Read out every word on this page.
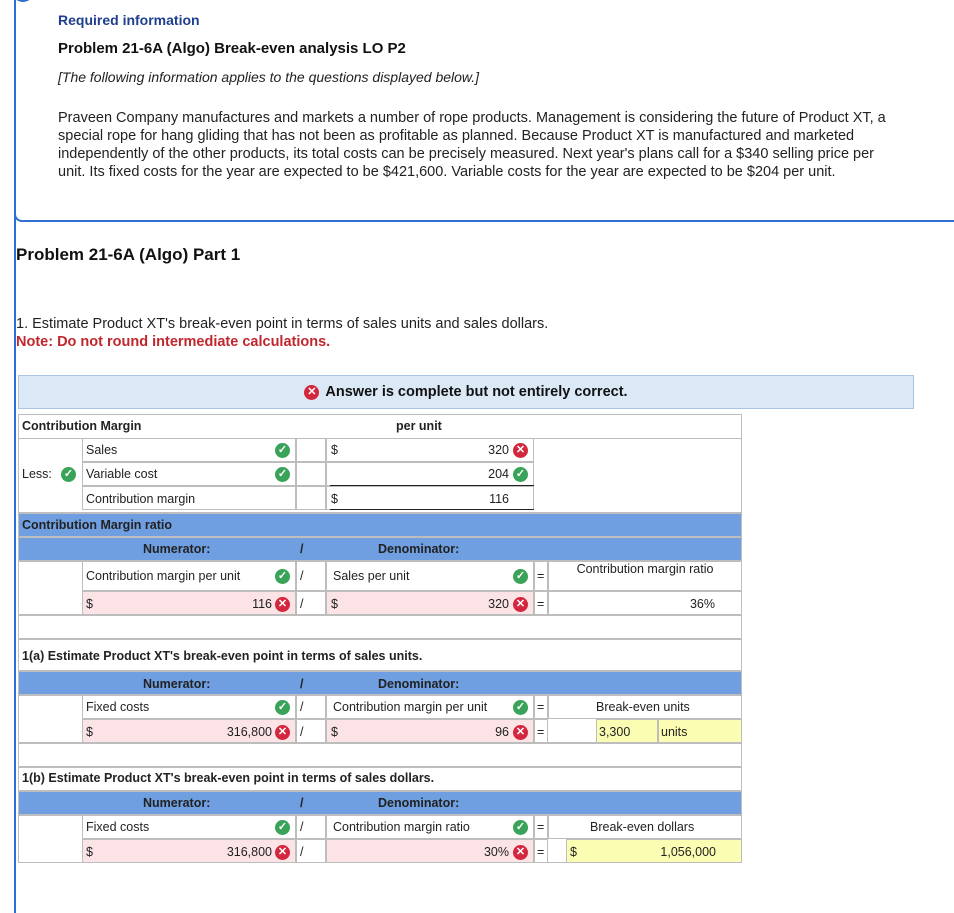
Required information
Problem 21-6A (Algo) Break-even analysis LO P2
[The following information applies to the questions displayed below.]
Praveen Company manufactures and markets a number of rope products. Management is considering the future of Product XT, a special rope for hang gliding that has not been as profitable as planned. Because Product XT is manufactured and marketed independently of the other products, its total costs can be precisely measured. Next year's plans call for a $340 selling price per unit. Its fixed costs for the year are expected to be $421,600. Variable costs for the year are expected to be $204 per unit.
Problem 21-6A (Algo) Part 1
1. Estimate Product XT's break-even point in terms of sales units and sales dollars.
Note: Do not round intermediate calculations.
✕ Answer is complete but not entirely correct.
Contribution Margin	per unit
Sales	✓	$	320 ✕
Less: ✓ Variable cost	✓	204 ✓
Contribution margin	$	116
Contribution Margin ratio
Numerator:	/	Denominator:
Contribution margin per unit	✓ / Sales per unit	✓ =	Contribution margin ratio
$	116 ✕ / $	320 ✕ =	36%
1(a) Estimate Product XT's break-even point in terms of sales units.
Numerator:	/	Denominator:
Fixed costs	✓ / Contribution margin per unit	✓ =	Break-even units
$	316,800 ✕ / $	96 ✕ =	3,300 units
1(b) Estimate Product XT's break-even point in terms of sales dollars.
Numerator:	/	Denominator:
Fixed costs	✓ / Contribution margin ratio	✓ =	Break-even dollars
$	316,800 ✕ /	30% ✕ = $	1,056,000
